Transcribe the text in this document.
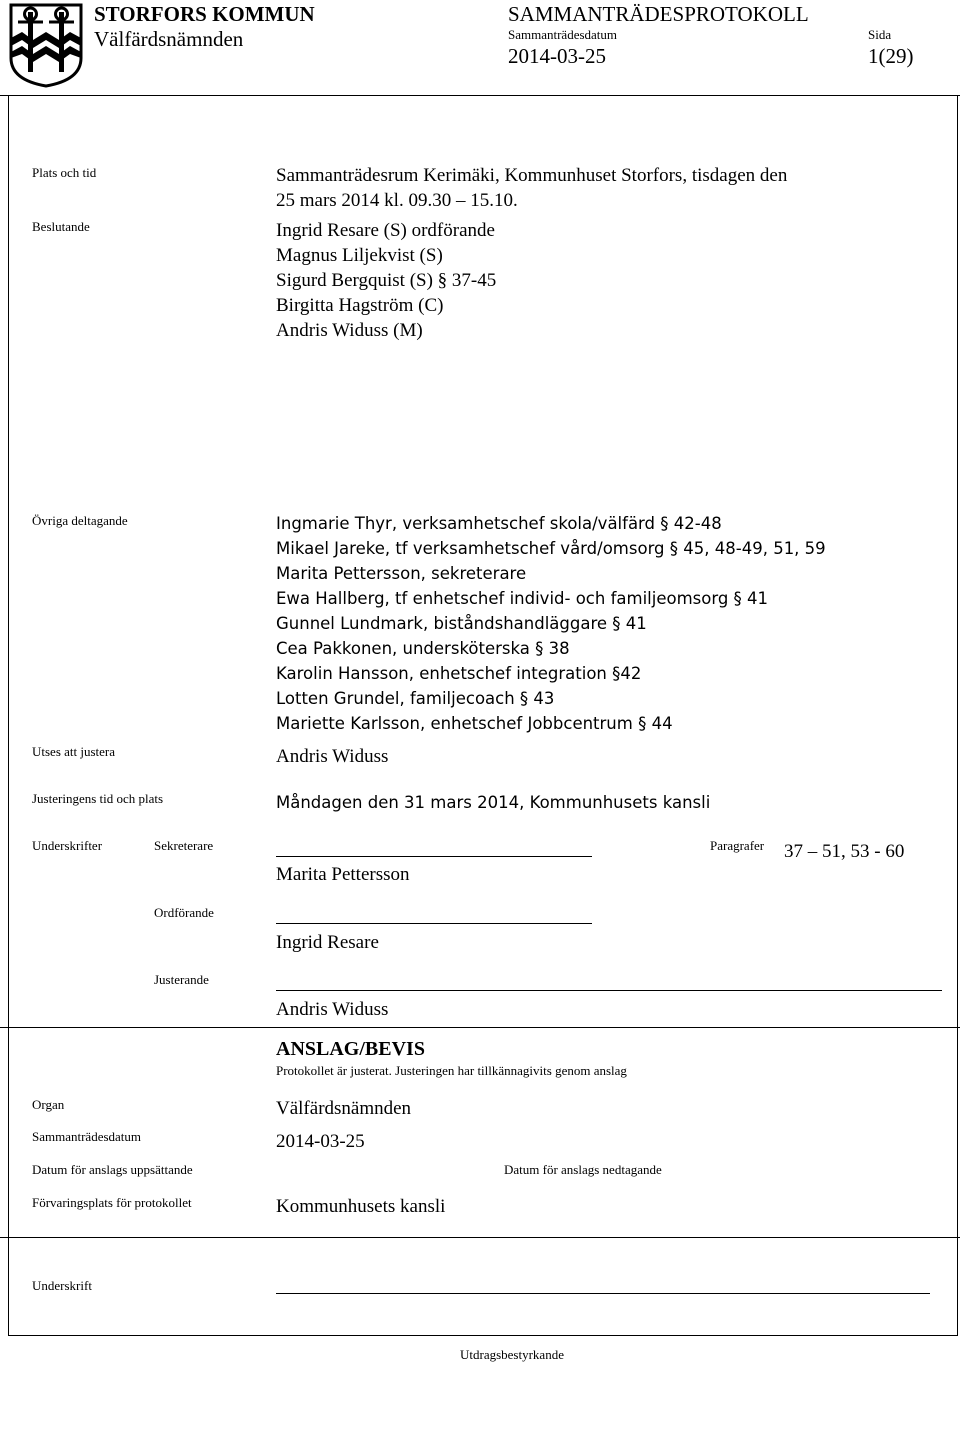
STORFORS KOMMUN
Välfärdsnämnden
SAMMANTRÄDESPROTOKOLL
Sammanträdesdatum
2014-03-25
Sida
1(29)
Plats och tid	Sammanträdesrum Kerimäki, Kommunhuset Storfors, tisdagen den
25 mars 2014 kl. 09.30 – 15.10.
Beslutande	Ingrid Resare (S) ordförande
Magnus Liljekvist (S)
Sigurd Bergquist (S) § 37-45
Birgitta Hagström (C)
Andris Widuss (M)
Övriga deltagande	Ingmarie Thyr, verksamhetschef skola/välfärd § 42-48
Mikael Jareke, tf verksamhetschef vård/omsorg § 45, 48-49, 51, 59
Marita Pettersson, sekreterare
Ewa Hallberg, tf enhetschef individ- och familjeomsorg § 41
Gunnel Lundmark, biståndshandläggare § 41
Cea Pakkonen, undersköterska § 38
Karolin Hansson, enhetschef integration §42
Lotten Grundel, familjecoach § 43
Mariette Karlsson, enhetschef Jobbcentrum § 44
Utses att justera	Andris Widuss
Justeringens tid och plats	Måndagen den 31 mars 2014, Kommunhusets kansli
Underskrifter	Sekreterare
Marita Pettersson
Paragrafer 37 – 51, 53 - 60
Ordförande
Ingrid Resare
Justerande
Andris Widuss
ANSLAG/BEVIS
Protokollet är justerat. Justeringen har tillkännagivits genom anslag
Organ	Välfärdsnämnden
Sammanträdesdatum	2014-03-25
Datum för anslags uppsättande	Datum för anslags nedtagande
Förvaringsplats för protokollet	Kommunhusets kansli
Underskrift
Utdragsbestyrkande
